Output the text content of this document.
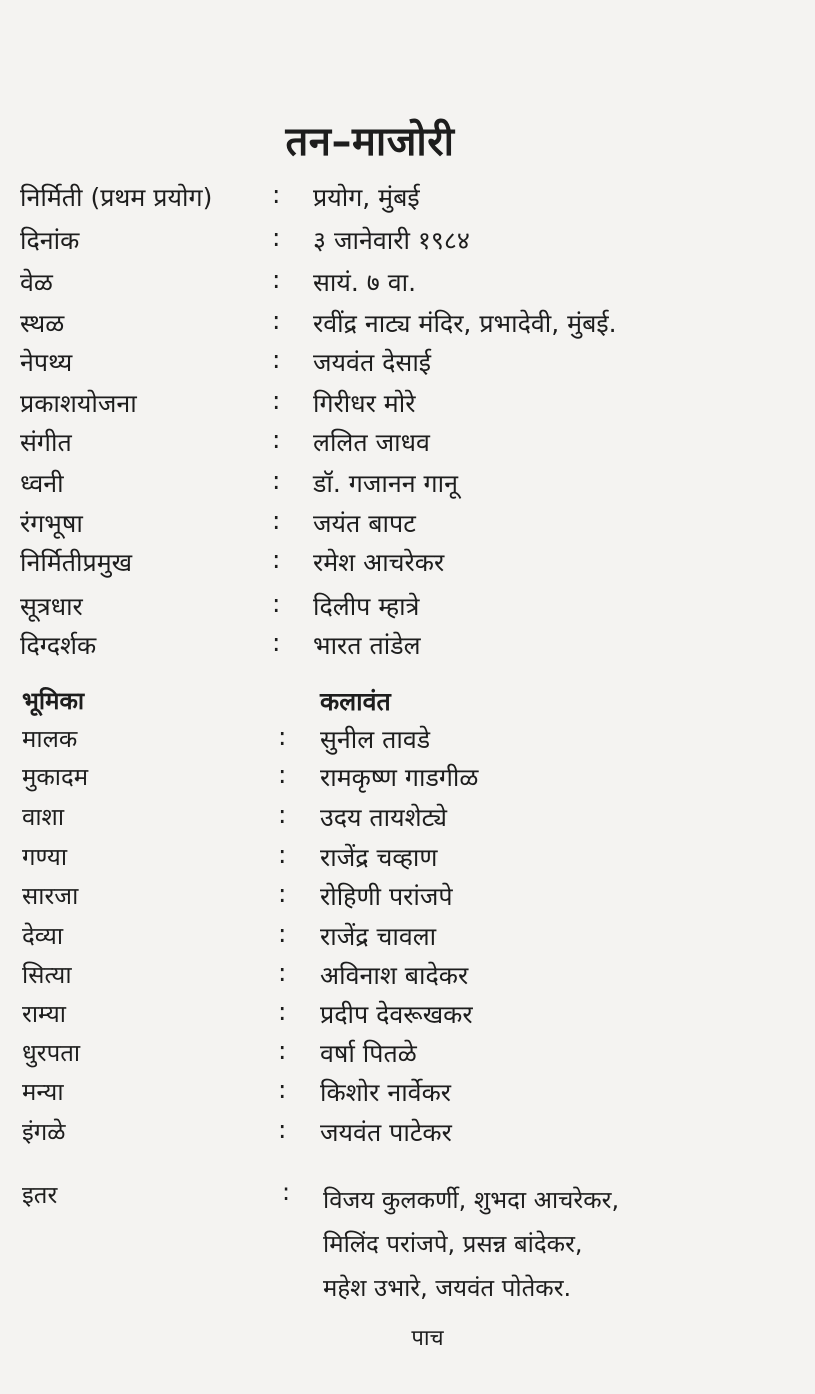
तन–माजोरी
निर्मिती (प्रथम प्रयोग) : प्रयोग, मुंबई
दिनांक	: ३ जानेवारी १९८४
वेळ	: सायं. ७ वा.
स्थळ	: रवींद्र नाट्य मंदिर, प्रभादेवी, मुंबई.
नेपथ्य	: जयवंत देसाई
प्रकाशयोजना	: गिरीधर मोरे
संगीत	: ललित जाधव
ध्वनी	: डॉ. गजानन गानू
रंगभूषा	: जयंत बापट
निर्मितीप्रमुख	: रमेश आचरेकर
सूत्रधार	: दिलीप म्हात्रे
दिग्दर्शक	: भारत तांडेल
भूमिका	कलावंत
मालक	: सुनील तावडे
मुकादम	: रामकृष्ण गाडगीळ
वाशा	: उदय तायशेट्ये
गण्या	: राजेंद्र चव्हाण
सारजा	: रोहिणी परांजपे
देव्या	: राजेंद्र चावला
सित्या	: अविनाश बादेकर
राम्या	: प्रदीप देवरूखकर
धुरपता	: वर्षा पितळे
मन्या	: किशोर नार्वेकर
इंगळे	: जयवंत पाटेकर
इतर	: विजय कुलकर्णी, शुभदा आचरेकर,
मिलिंद परांजपे, प्रसन्न बांदेकर,
महेश उभारे, जयवंत पोतेकर.
पाच
